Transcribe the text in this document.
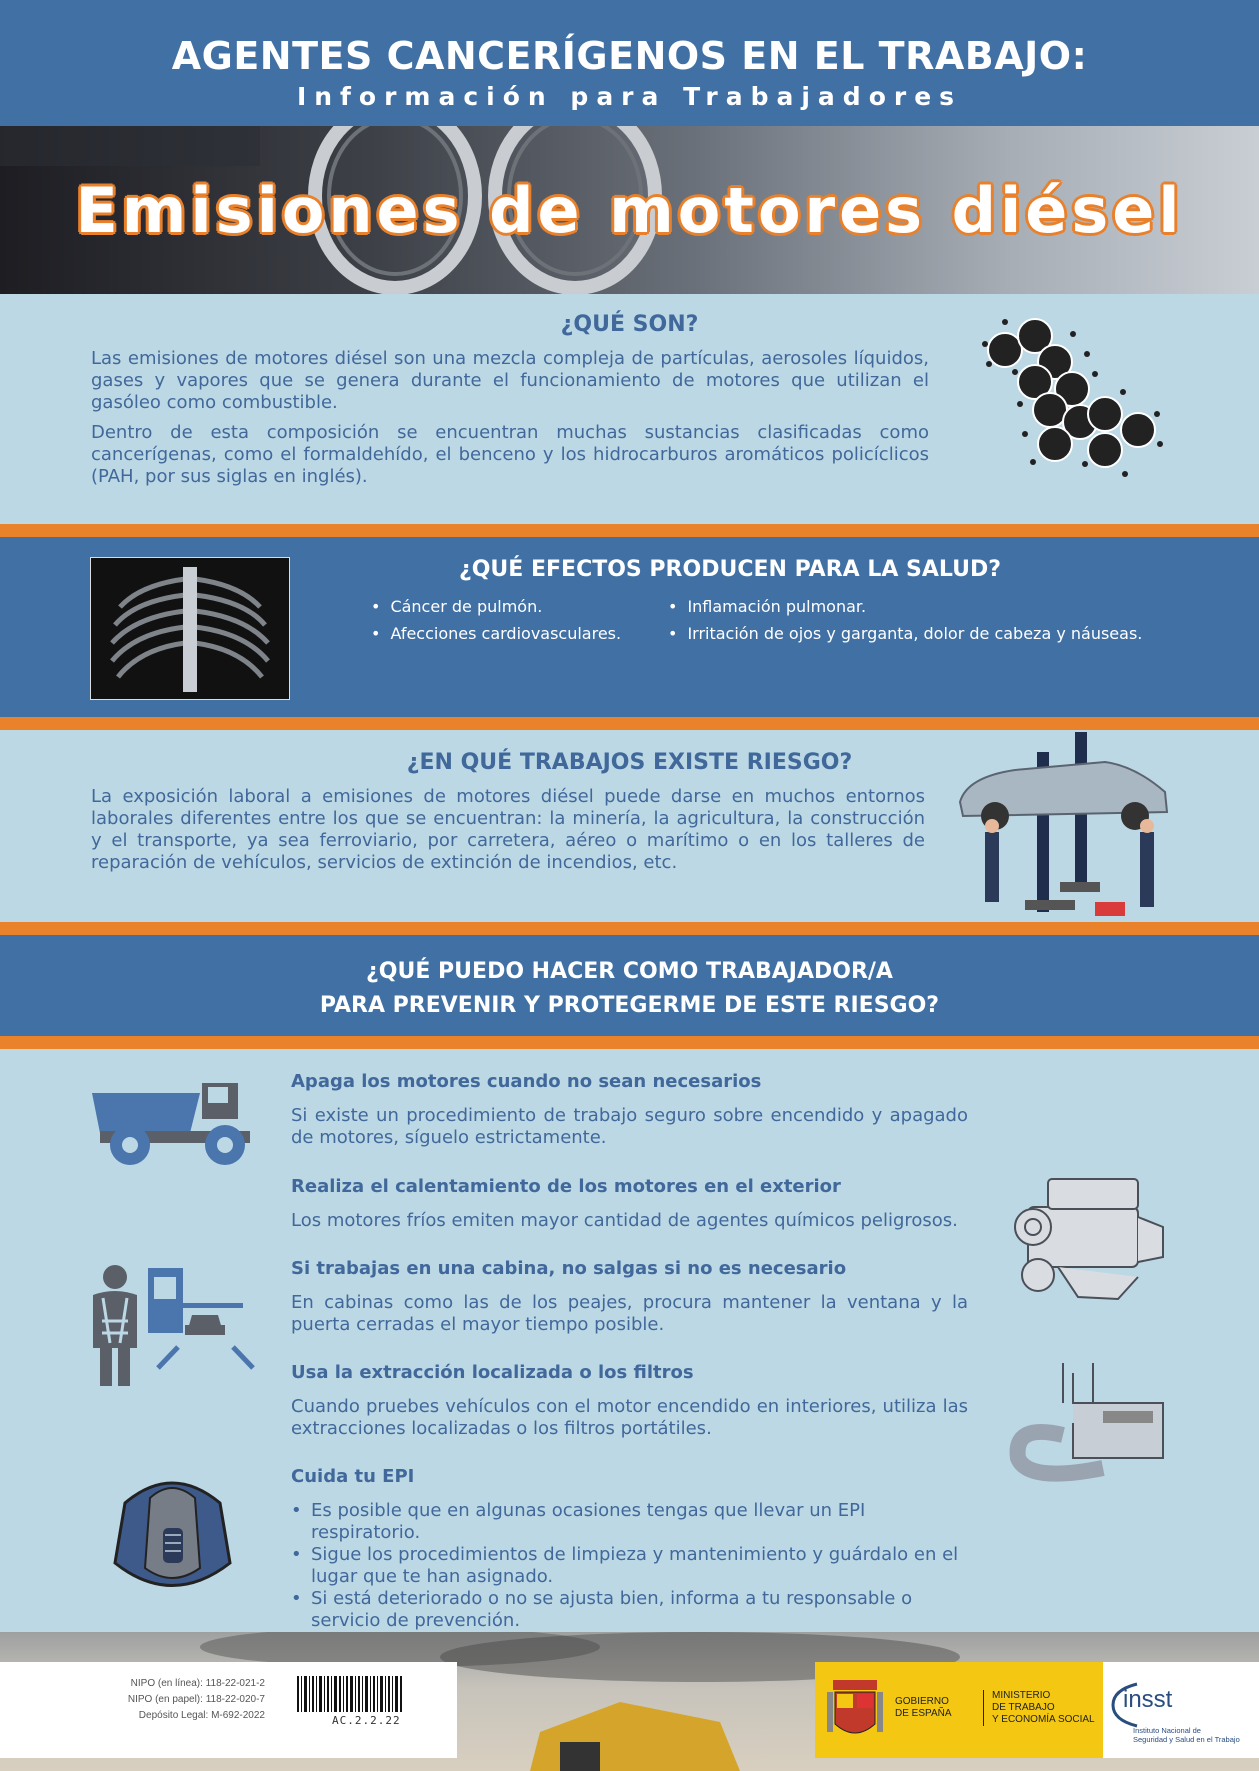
AGENTES CANCERÍGENOS EN EL TRABAJO:
Información para Trabajadores
Emisiones de motores diésel
¿QUÉ SON?

Las emisiones de motores diésel son una mezcla compleja de partículas, aerosoles líquidos, gases y vapores que se genera durante el funcionamiento de motores que utilizan el gasóleo como combustible.

Dentro de esta composición se encuentran muchas sustancias clasificadas como cancerígenas, como el formaldehído, el benceno y los hidrocarburos aromáticos policíclicos (PAH, por sus siglas en inglés).

¿QUÉ EFECTOS PRODUCEN PARA LA SALUD?
• Cáncer de pulmón.
• Afecciones cardiovasculares.
• Inflamación pulmonar.
• Irritación de ojos y garganta, dolor de cabeza y náuseas.
¿EN QUÉ TRABAJOS EXISTE RIESGO?
La exposición laboral a emisiones de motores diésel puede darse en muchos entornos laborales diferentes entre los que se encuentran: la minería, la agricultura, la construcción y el transporte, ya sea ferroviario, por carretera, aéreo o marítimo o en los talleres de reparación de vehículos, servicios de extinción de incendios, etc.
¿QUÉ PUEDO HACER COMO TRABAJADOR/A
PARA PREVENIR Y PROTEGERME DE ESTE RIESGO?
Apaga los motores cuando no sean necesarios
Si existe un procedimiento de trabajo seguro sobre encendido y apagado de motores, síguelo estrictamente.
Realiza el calentamiento de los motores en el exterior
Los motores fríos emiten mayor cantidad de agentes químicos peligrosos.
Si trabajas en una cabina, no salgas si no es necesario
En cabinas como las de los peajes, procura mantener la ventana y la puerta cerradas el mayor tiempo posible.
Usa la extracción localizada o los filtros
Cuando pruebes vehículos con el motor encendido en interiores, utiliza las extracciones localizadas o los filtros portátiles.
Cuida tu EPI
• Es posible que en algunas ocasiones tengas que llevar un EPI respiratorio.
• Sigue los procedimientos de limpieza y mantenimiento y guárdalo en el lugar que te han asignado.
• Si está deteriorado o no se ajusta bien, informa a tu responsable o servicio de prevención.
NIPO (en línea): 118-22-021-2
NIPO (en papel): 118-22-020-7
Depósito Legal: M-692-2022	AC.2.2.22
GOBIERNO
DE ESPAÑA
MINISTERIO
DE TRABAJO
Y ECONOMÍA SOCIAL
insst
Instituto Nacional de
Seguridad y Salud en el Trabajo
